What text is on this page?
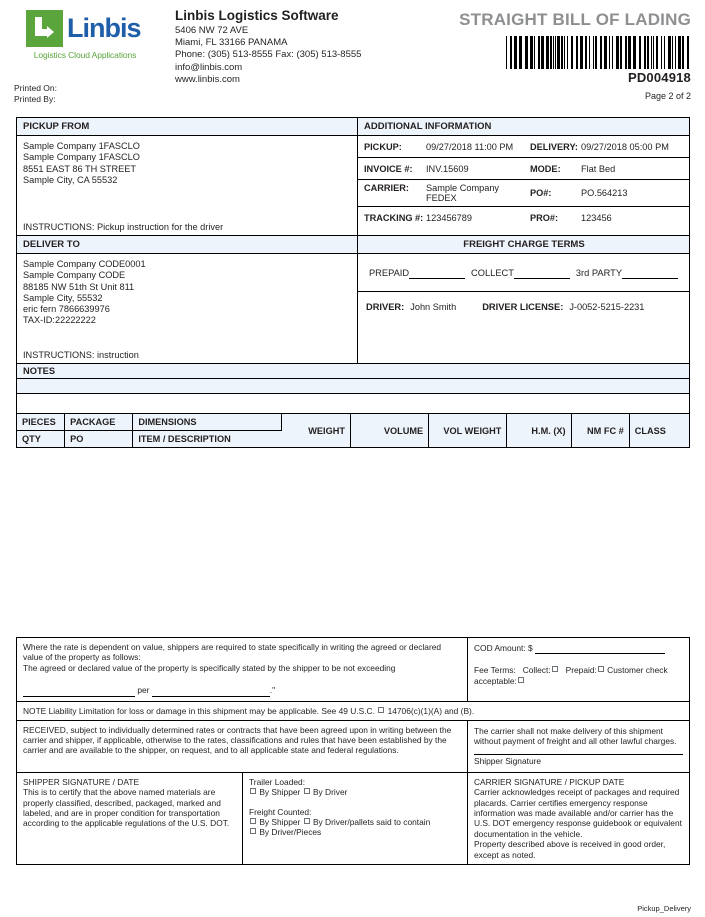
Linbis
Logistics Cloud Applications
Linbis Logistics Software
5406 NW 72 AVE
Miami, FL 33166 PANAMA
Phone: (305) 513-8555 Fax: (305) 513-8555
info@linbis.com
www.linbis.com
STRAIGHT BILL OF LADING
PD004918
Printed On:
Printed By:	Page 2 of 2
PICKUP FROM
Sample Company 1FASCLO
Sample Company 1FASCLO
8551 EAST 86 TH STREET
Sample City, CA 55532
INSTRUCTIONS: Pickup instruction for the driver
ADDITIONAL INFORMATION
PICKUP:	09/27/2018 11:00 PM	DELIVERY: 09/27/2018 05:00 PM
INVOICE #: INV.15609	MODE: Flat Bed
CARRIER: Sample Company FEDEX	PO#:	PO.564213
TRACKING #: 123456789	PRO#: 123456
DELIVER TO
Sample Company CODE0001
Sample Company CODE
88185 NW 51th St Unit 811
Sample City, 55532
eric fern 7866639976
TAX-ID:22222222
INSTRUCTIONS: instruction
FREIGHT CHARGE TERMS
PREPAID	COLLECT	3rd PARTY
DRIVER: John Smith	DRIVER LICENSE: J-0052-5215-2231
NOTES
PIECES	PACKAGE	DIMENSIONS	WEIGHT	VOLUME	VOL WEIGHT	H.M. (X)	NM FC #	CLASS
QTY	PO	ITEM / DESCRIPTION						
Where the rate is dependent on value, shippers are required to state specifically in writing the agreed or declared value of the property as follows:
The agreed or declared value of the property is specifically stated by the shipper to be not exceeding
per	."
COD Amount: $
Fee Terms: Collect: Prepaid: Customer check acceptable:
NOTE Liability Limitation for loss or damage in this shipment may be applicable. See 49 U.S.C. 14706(c)(1)(A) and (B).
RECEIVED, subject to individually determined rates or contracts that have been agreed upon in writing between the carrier and shipper, if applicable, otherwise to the rates, classifications and rules that have been established by the carrier and are available to the shipper, on request, and to all applicable state and federal regulations.
The carrier shall not make delivery of this shipment without payment of freight and all other lawful charges.
Shipper Signature
SHIPPER SIGNATURE / DATE
This is to certify that the above named materials are properly classified, described, packaged, marked and labeled, and are in proper condition for transportation according to the applicable regulations of the U.S. DOT.
Trailer Loaded:
By Shipper By Driver
Freight Counted:
By Shipper By Driver/pallets said to contain
By Driver/Pieces
CARRIER SIGNATURE / PICKUP DATE
Carrier acknowledges receipt of packages and required placards. Carrier certifies emergency response information was made available and/or carrier has the U.S. DOT emergency response guidebook or equivalent documentation in the vehicle.
Property described above is received in good order, except as noted.
Pickup_Delivery
